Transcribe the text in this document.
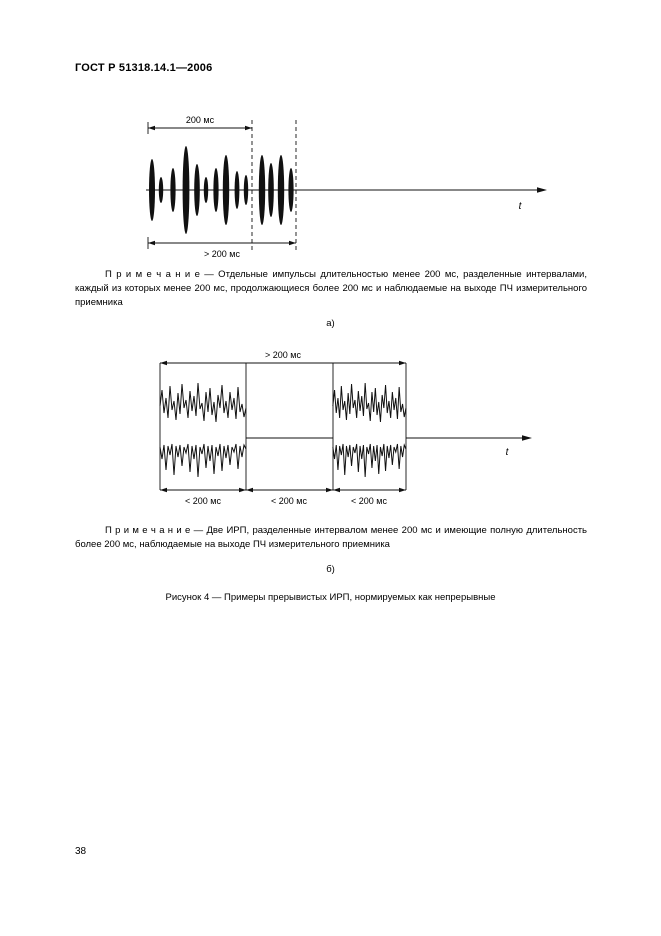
ГОСТ Р 51318.14.1—2006
t
200 мс
> 200 мс
П р и м е ч а н и е — Отдельные импульсы длительностью менее 200 мс, разделенные интервалами, каждый из которых менее 200 мс, продолжающиеся более 200 мс и наблюдаемые на выходе ПЧ измерительного приемника
а)
> 200 мс
t
< 200 мс	< 200 мс	< 200 мс
П р и м е ч а н и е — Две ИРП, разделенные интервалом менее 200 мс и имеющие полную длительность более 200 мс, наблюдаемые на выходе ПЧ измерительного приемника
б)
Рисунок 4 — Примеры прерывистых ИРП, нормируемых как непрерывные
38
